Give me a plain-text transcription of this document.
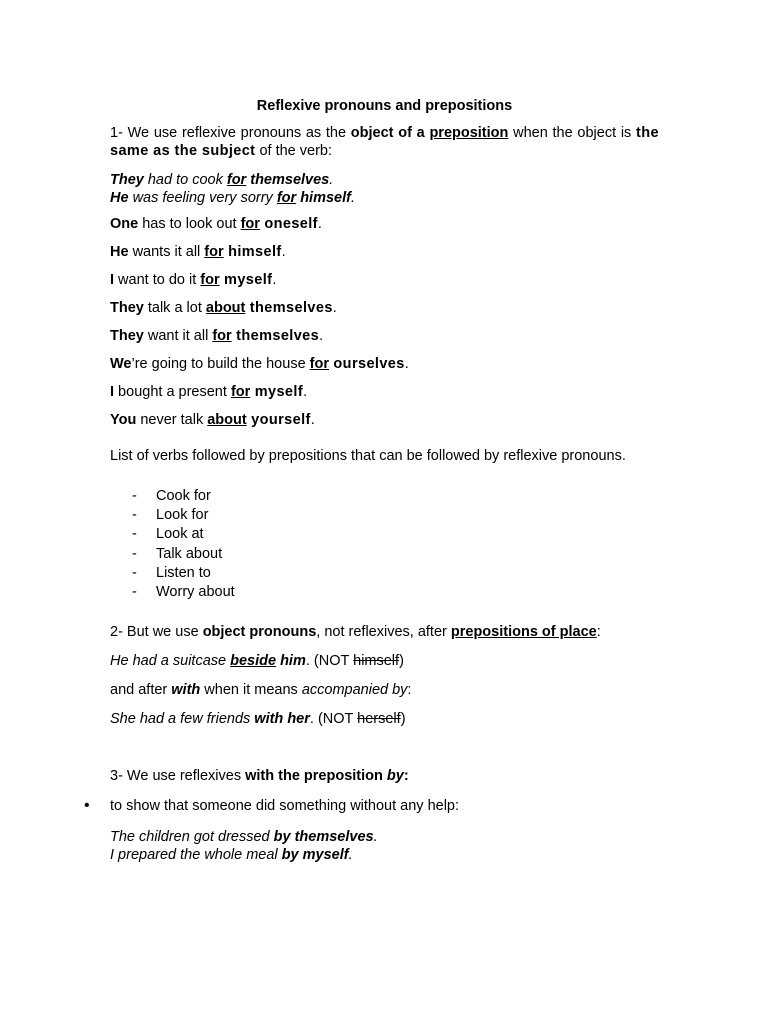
Reflexive pronouns and prepositions

1- We use reflexive pronouns as the object of a preposition when the object is the same as the subject of the verb:

They had to cook for themselves.
He was feeling very sorry for himself.

One has to look out for oneself.

He wants it all for himself.

I want to do it for myself.

They talk a lot about themselves.

They want it all for themselves.

We’re going to build the house for ourselves.

I bought a present for myself.

You never talk about yourself.

List of verbs followed by prepositions that can be followed by reflexive pronouns.

- Cook for
- Look for
- Look at
- Talk about
- Listen to
- Worry about

2- But we use object pronouns, not reflexives, after prepositions of place:

He had a suitcase beside him. (NOT himself)

and after with when it means accompanied by:

She had a few friends with her. (NOT herself)

3- We use reflexives with the preposition by:

• to show that someone did something without any help:
The children got dressed by themselves.
I prepared the whole meal by myself.
